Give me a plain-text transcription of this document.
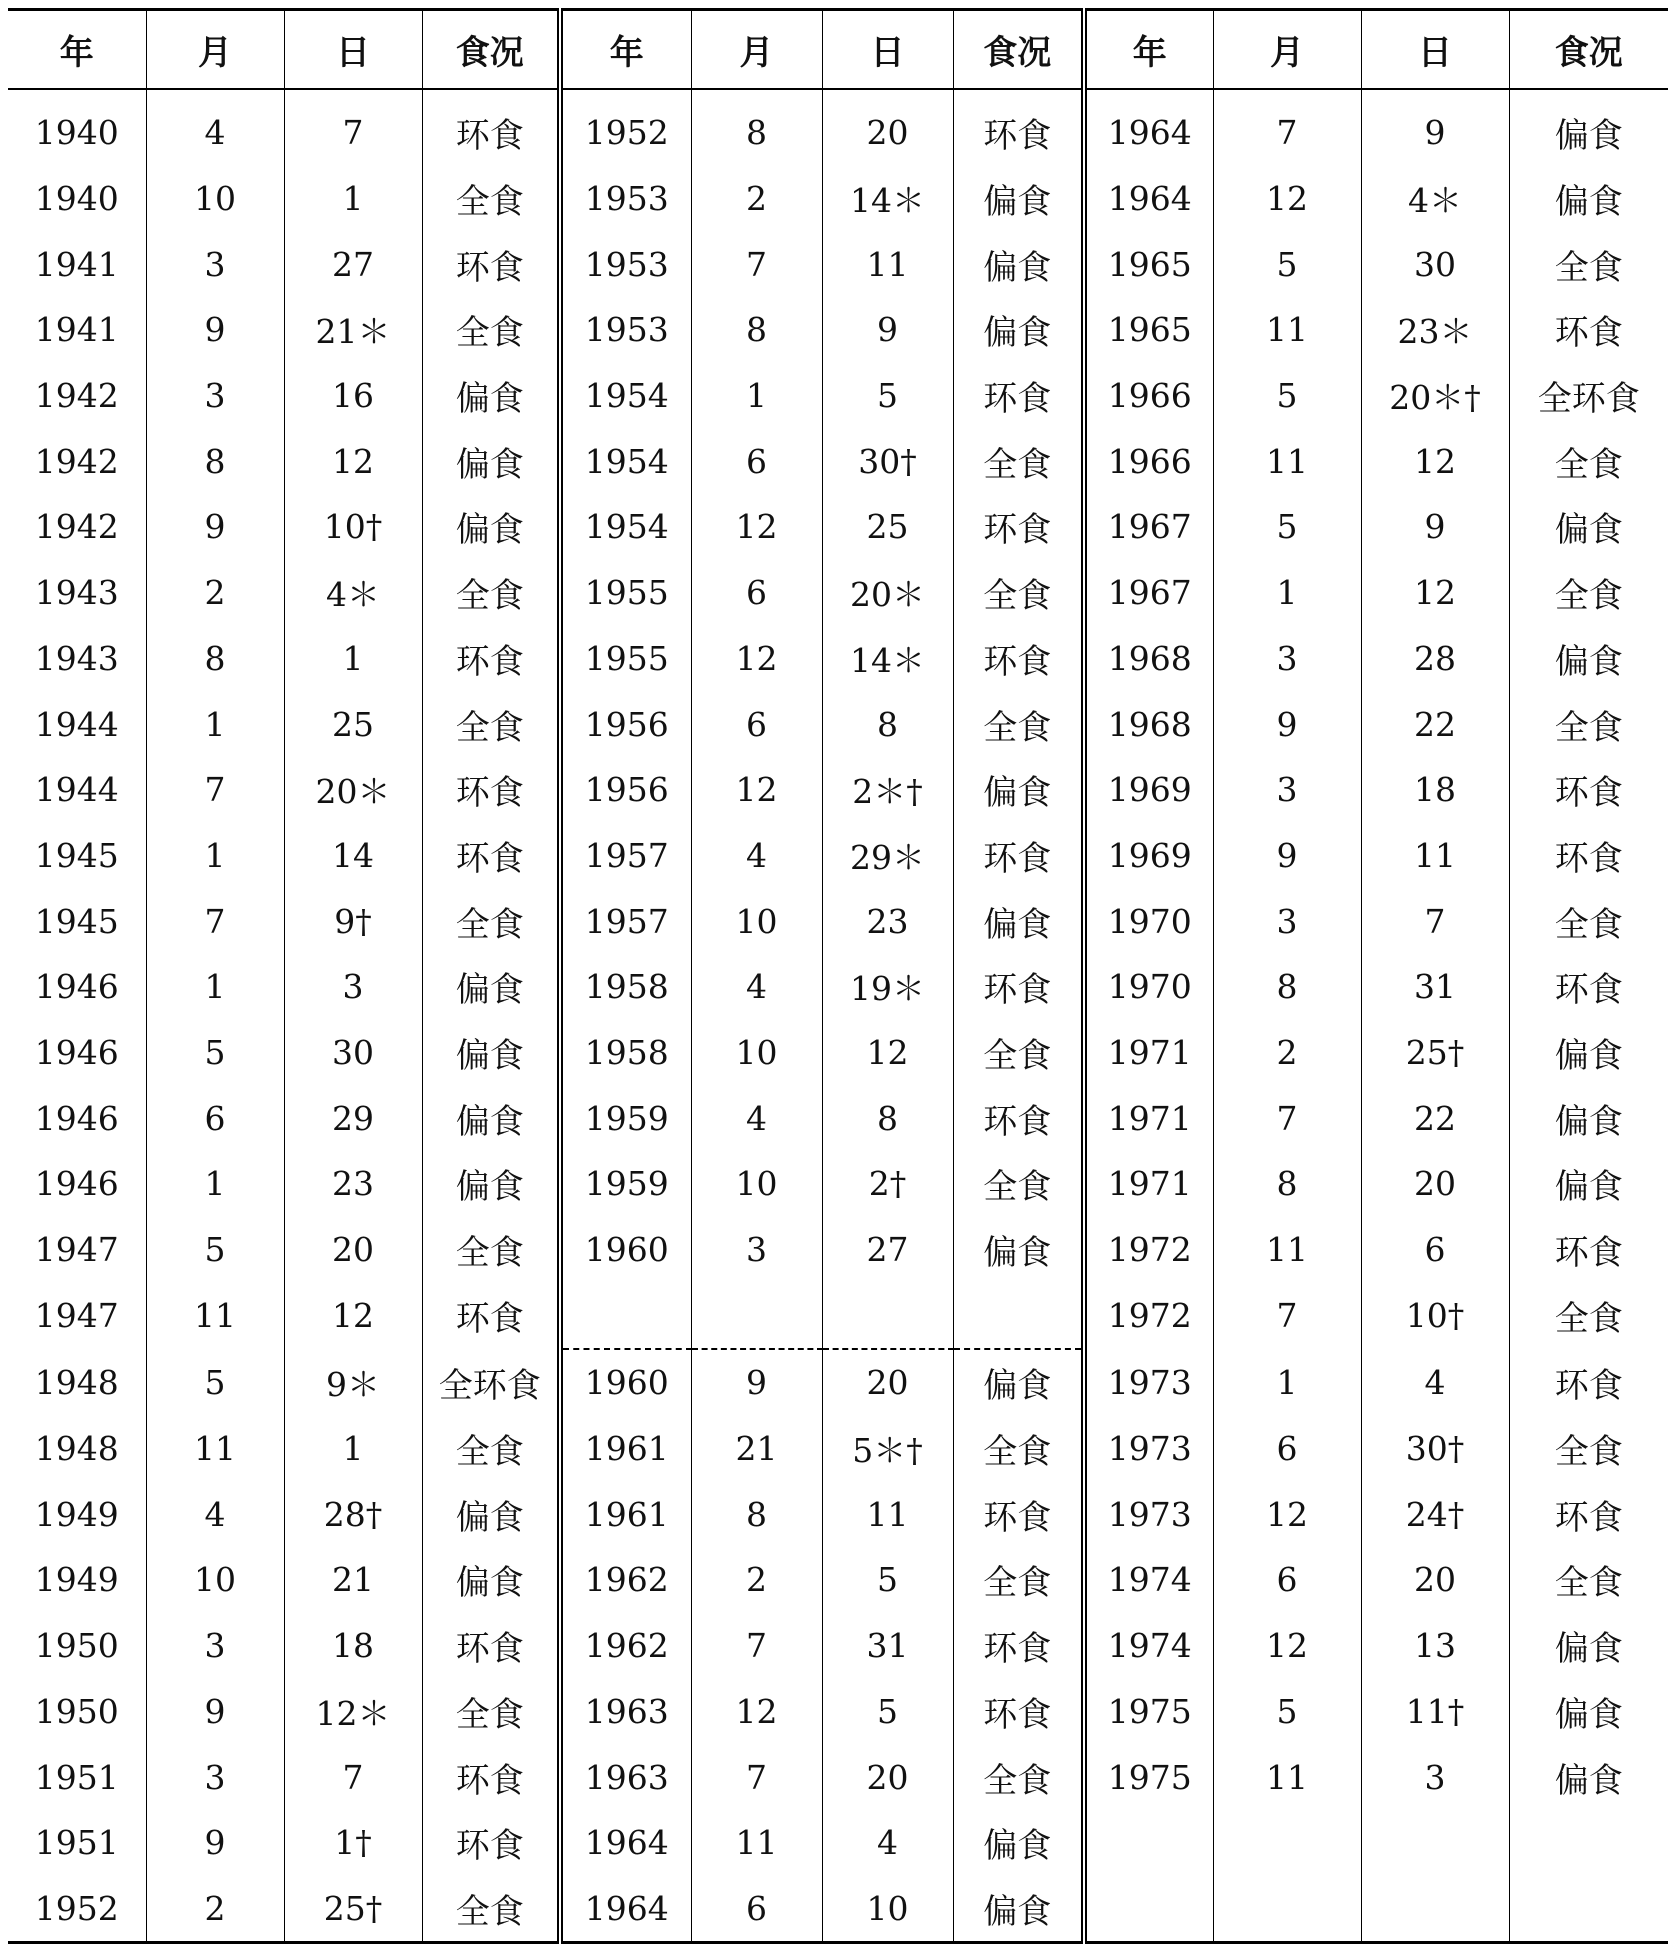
年	月	日	食况	年	月	日	食况	年	月	日	食况
1940	4	7	环食	1952	8	20	环食	1964	7	9	偏食
1940	10	1	全食	1953	2	14＊	偏食	1964	12	4＊	偏食
1941	3	27	环食	1953	7	11	偏食	1965	5	30	全食
1941	9	21＊	全食	1953	8	9	偏食	1965	11	23＊	环食
1942	3	16	偏食	1954	1	5	环食	1966	5	20＊†	全环食
1942	8	12	偏食	1954	6	30†	全食	1966	11	12	全食
1942	9	10†	偏食	1954	12	25	环食	1967	5	9	偏食
1943	2	4＊	全食	1955	6	20＊	全食	1967	1	12	全食
1943	8	1	环食	1955	12	14＊	环食	1968	3	28	偏食
1944	1	25	全食	1956	6	8	全食	1968	9	22	全食
1944	7	20＊	环食	1956	12	2＊†	偏食	1969	3	18	环食
1945	1	14	环食	1957	4	29＊	环食	1969	9	11	环食
1945	7	9†	全食	1957	10	23	偏食	1970	3	7	全食
1946	1	3	偏食	1958	4	19＊	环食	1970	8	31	环食
1946	5	30	偏食	1958	10	12	全食	1971	2	25†	偏食
1946	6	29	偏食	1959	4	8	环食	1971	7	22	偏食
1946	1	23	偏食	1959	10	2†	全食	1971	8	20	偏食
1947	5	20	全食	1960	3	27	偏食	1972	11	6	环食
1947	11	12	环食					1972	7	10†	全食
1948	5	9＊	全环食	1960	9	20	偏食	1973	1	4	环食
1948	11	1	全食	1961	21	5＊†	全食	1973	6	30†	全食
1949	4	28†	偏食	1961	8	11	环食	1973	12	24†	环食
1949	10	21	偏食	1962	2	5	全食	1974	6	20	全食
1950	3	18	环食	1962	7	31	环食	1974	12	13	偏食
1950	9	12＊	全食	1963	12	5	环食	1975	5	11†	偏食
1951	3	7	环食	1963	7	20	全食	1975	11	3	偏食
1951	9	1†	环食	1964	11	4	偏食				
1952	2	25†	全食	1964	6	10	偏食				
